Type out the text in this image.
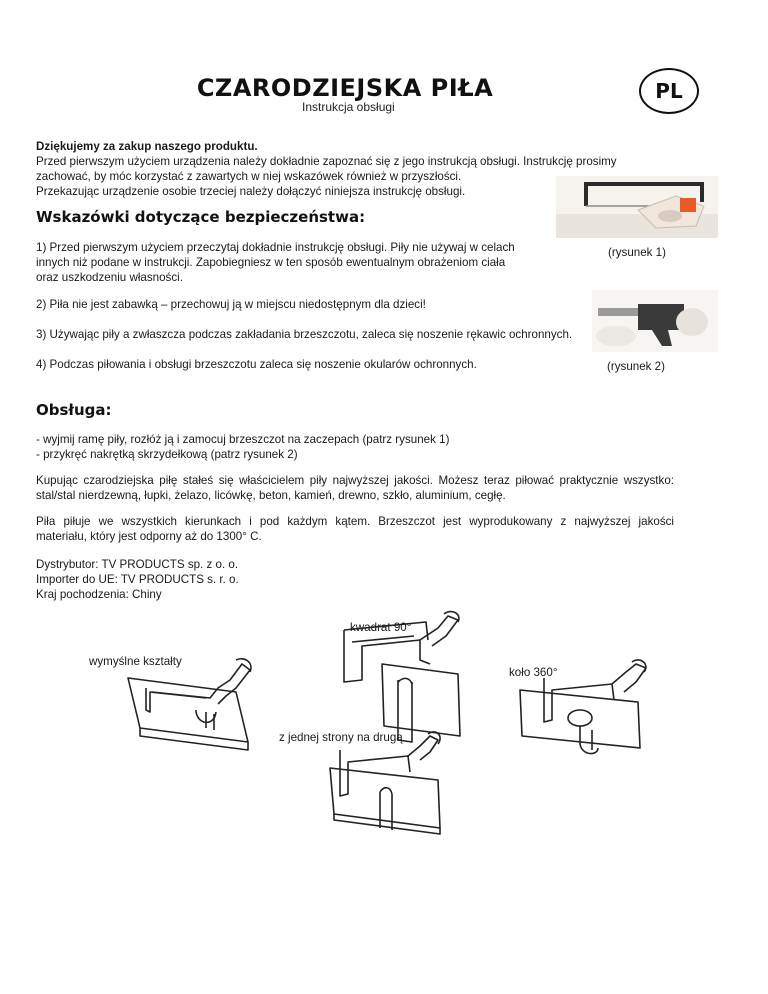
CZARODZIEJSKA PIŁA
Instrukcja obsługi
PL
Dziękujemy za zakup naszego produktu.
Przed pierwszym użyciem urządzenia należy dokładnie zapoznać się z jego instrukcją obsługi. Instrukcję prosimy
zachować, by móc korzystać z zawartych w niej wskazówek również w przyszłości.
Przekazując urządzenie osobie trzeciej należy dołączyć niniejsza instrukcję obsługi.
Wskazówki dotyczące bezpieczeństwa:
1) Przed pierwszym użyciem przeczytaj dokładnie instrukcję obsługi. Piły nie używaj w celach
innych niż podane w instrukcji. Zapobiegniesz w ten sposób ewentualnym obrażeniom ciała
oraz uszkodzeniu własności.
(rysunek 1)
2) Piła nie jest zabawką – przechowuj ją w miejscu niedostępnym dla dzieci!
3) Używając piły a zwłaszcza podczas zakładania brzeszczotu, zaleca się noszenie rękawic ochronnych.
4) Podczas piłowania i obsługi brzeszczotu zaleca się noszenie okularów ochronnych.	(rysunek 2)
Obsługa:
- wyjmij ramę piły, rozłóż ją i zamocuj brzeszczot na zaczepach (patrz rysunek 1)
- przykręć nakrętką skrzydełkową (patrz rysunek 2)
Kupując czarodziejska piłę stałeś się właścicielem piły najwyższej jakości. Możesz teraz piłować praktycznie wszystko:
stal/stal nierdzewną, łupki, żelazo, licówkę, beton, kamień, drewno, szkło, aluminium, cegłę.
Piła piłuje we wszystkich kierunkach i pod każdym kątem. Brzeszczot jest wyprodukowany z najwyższej jakości
materiału, który jest odporny aż do 1300° C.
Dystrybutor: TV PRODUCTS sp. z o. o.
Importer do UE: TV PRODUCTS s. r. o.
Kraj pochodzenia: Chiny
kwadrat 90°
wymyślne kształty
koło 360°
z jednej strony na drugą
